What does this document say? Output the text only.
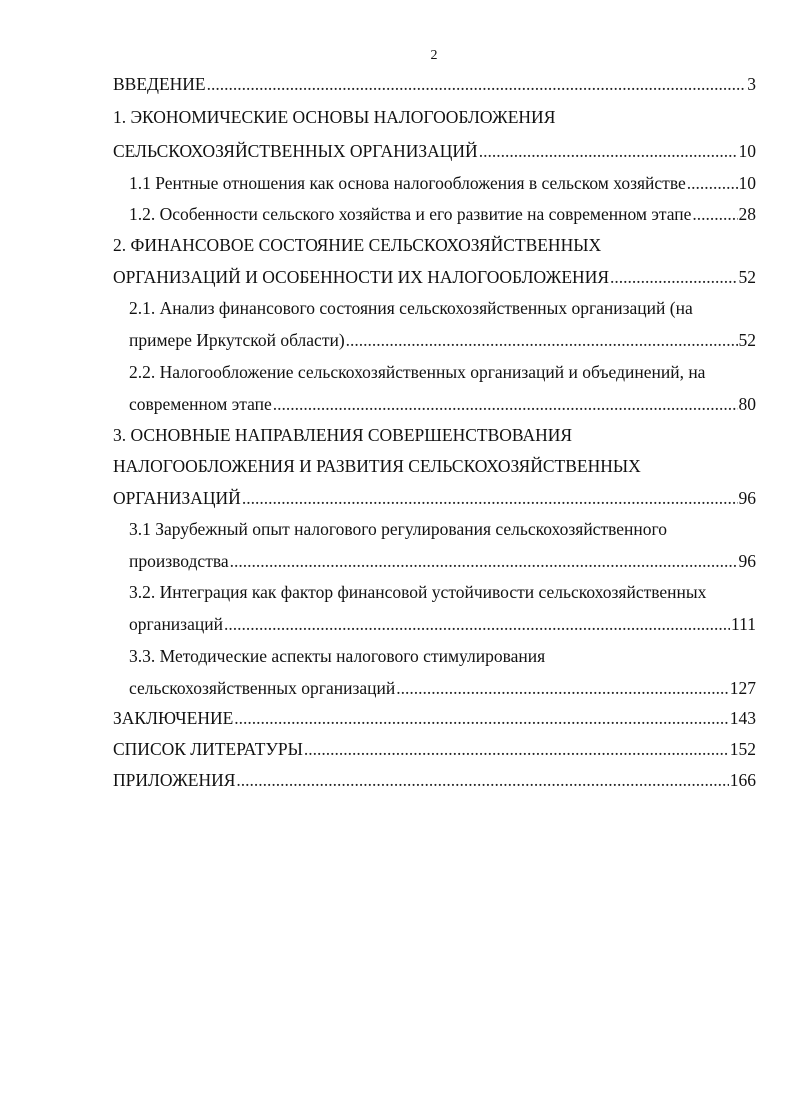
2
ВВЕДЕНИЕ .....	3
1. ЭКОНОМИЧЕСКИЕ ОСНОВЫ НАЛОГООБЛОЖЕНИЯ
СЕЛЬСКОХОЗЯЙСТВЕННЫХ ОРГАНИЗАЦИЙ .....	10
1.1 Рентные отношения как основа налогообложения в сельском хозяйстве .....	10
1.2. Особенности сельского хозяйства и его развитие на современном этапе .....	28
2. ФИНАНСОВОЕ СОСТОЯНИЕ СЕЛЬСКОХОЗЯЙСТВЕННЫХ
ОРГАНИЗАЦИЙ И ОСОБЕННОСТИ ИХ НАЛОГООБЛОЖЕНИЯ .....	52
2.1. Анализ финансового состояния сельскохозяйственных организаций (на
примере Иркутской области) .....	52
2.2. Налогообложение сельскохозяйственных организаций и объединений, на
современном этапе .....	80
3. ОСНОВНЫЕ НАПРАВЛЕНИЯ СОВЕРШЕНСТВОВАНИЯ
НАЛОГООБЛОЖЕНИЯ И РАЗВИТИЯ СЕЛЬСКОХОЗЯЙСТВЕННЫХ
ОРГАНИЗАЦИЙ .....	96
3.1 Зарубежный опыт налогового регулирования сельскохозяйственного
производства .....	96
3.2. Интеграция как фактор финансовой устойчивости сельскохозяйственных
организаций .....	111
3.3. Методические аспекты налогового стимулирования
сельскохозяйственных организаций .....	127
ЗАКЛЮЧЕНИЕ .....	143
СПИСОК ЛИТЕРАТУРЫ .....	152
ПРИЛОЖЕНИЯ .....	166
